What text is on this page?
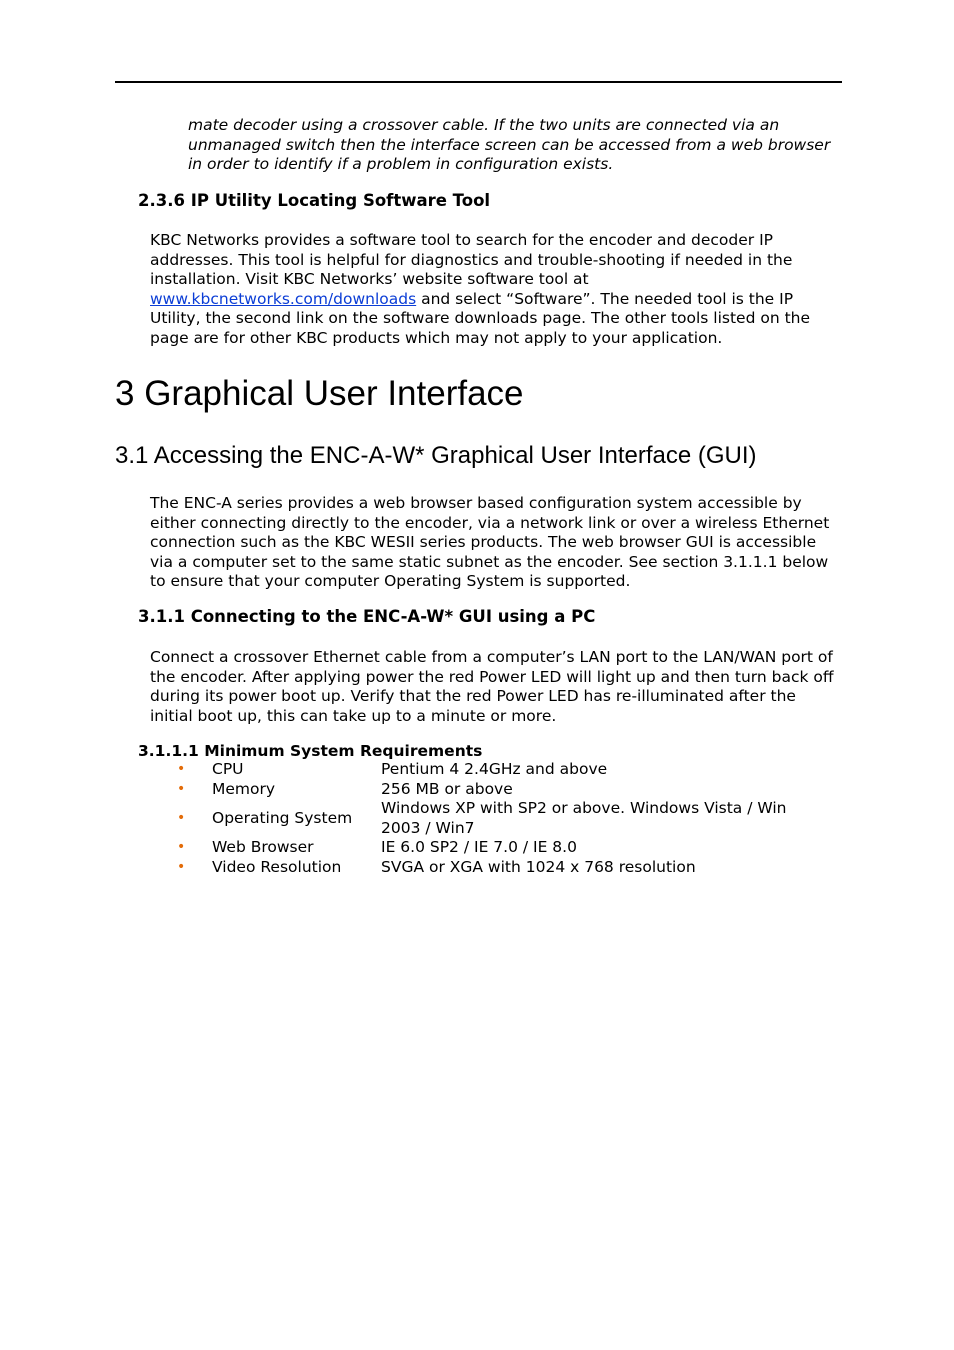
mate decoder using a crossover cable. If the two units are connected via an unmanaged switch then the interface screen can be accessed from a web browser in order to identify if a problem in configuration exists.
2.3.6 IP Utility Locating Software Tool
KBC Networks provides a software tool to search for the encoder and decoder IP addresses. This tool is helpful for diagnostics and trouble-shooting if needed in the installation. Visit KBC Networks’ website software tool at www.kbcnetworks.com/downloads and select “Software”. The needed tool is the IP Utility, the second link on the software downloads page. The other tools listed on the page are for other KBC products which may not apply to your application.
3 Graphical User Interface
3.1 Accessing the ENC-A-W* Graphical User Interface (GUI)
The ENC-A series provides a web browser based configuration system accessible by either connecting directly to the encoder, via a network link or over a wireless Ethernet connection such as the KBC WESII series products. The web browser GUI is accessible via a computer set to the same static subnet as the encoder. See section 3.1.1.1 below to ensure that your computer Operating System is supported.
3.1.1 Connecting to the ENC-A-W* GUI using a PC
Connect a crossover Ethernet cable from a computer’s LAN port to the LAN/WAN port of the encoder. After applying power the red Power LED will light up and then turn back off during its power boot up. Verify that the red Power LED has re-illuminated after the initial boot up, this can take up to a minute or more.
3.1.1.1 Minimum System Requirements
•	CPU	Pentium 4 2.4GHz and above
•	Memory	256 MB or above
•	Operating System	Windows XP with SP2 or above. Windows Vista / Win 2003 / Win7
•	Web Browser	IE 6.0 SP2 / IE 7.0 / IE 8.0
•	Video Resolution	SVGA or XGA with 1024 x 768 resolution
